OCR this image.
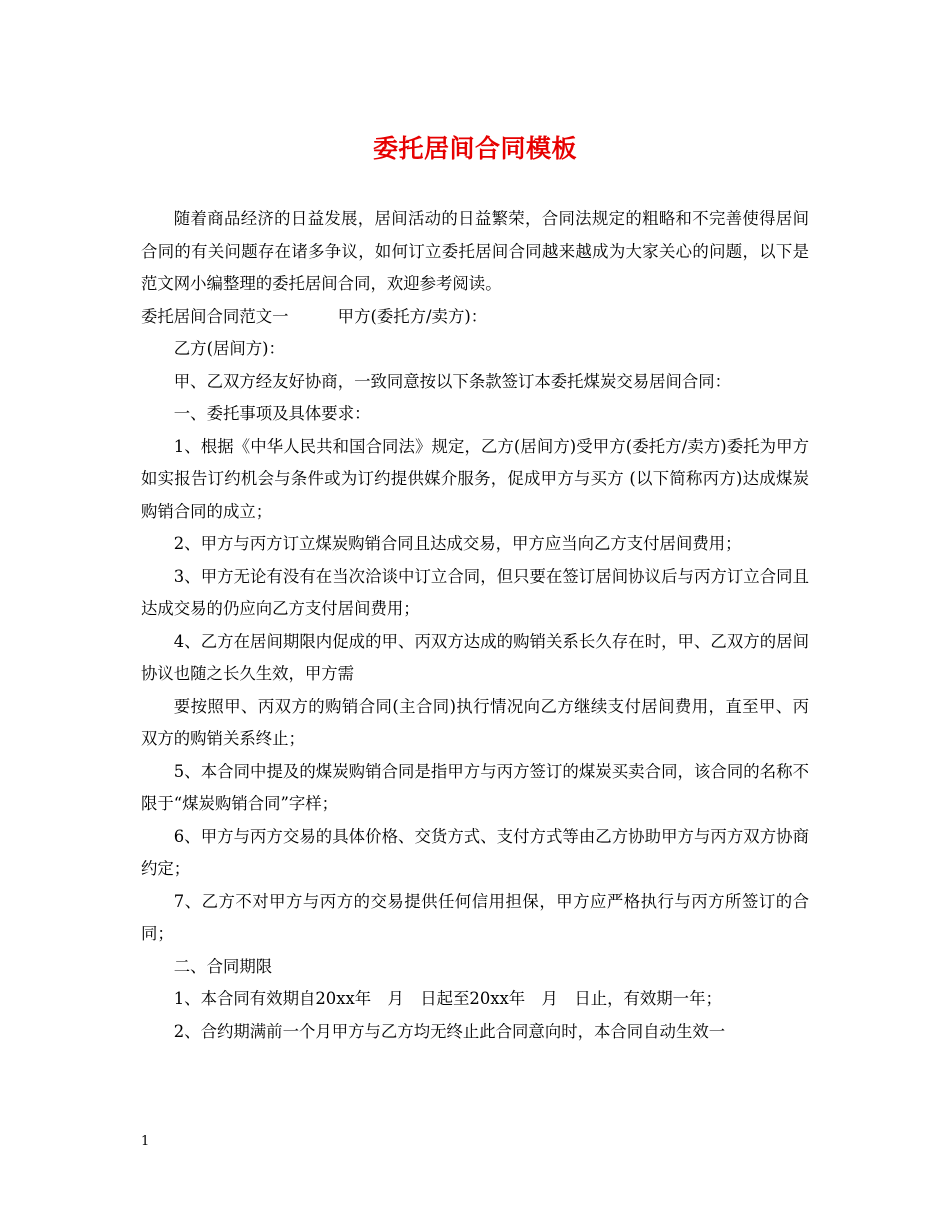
委托居间合同模板

随着商品经济的日益发展，居间活动的日益繁荣，合同法规定的粗略和不完善使得居间合同的有关问题存在诸多争议，如何订立委托居间合同越来越成为大家关心的问题，以下是范文网小编整理的委托居间合同，欢迎参考阅读。

委托居间合同范文一　　　甲方(委托方/卖方)：

乙方(居间方)：

甲、乙双方经友好协商，一致同意按以下条款签订本委托煤炭交易居间合同：

一、委托事项及具体要求：

1、根据《中华人民共和国合同法》规定，乙方(居间方)受甲方(委托方/卖方)委托为甲方如实报告订约机会与条件或为订约提供媒介服务，促成甲方与买方 (以下简称丙方)达成煤炭购销合同的成立；

2、甲方与丙方订立煤炭购销合同且达成交易，甲方应当向乙方支付居间费用；

3、甲方无论有没有在当次洽谈中订立合同，但只要在签订居间协议后与丙方订立合同且达成交易的仍应向乙方支付居间费用；

4、乙方在居间期限内促成的甲、丙双方达成的购销关系长久存在时，甲、乙双方的居间协议也随之长久生效，甲方需

要按照甲、丙双方的购销合同(主合同)执行情况向乙方继续支付居间费用，直至甲、丙双方的购销关系终止；

5、本合同中提及的煤炭购销合同是指甲方与丙方签订的煤炭买卖合同，该合同的名称不限于“煤炭购销合同”字样；

6、甲方与丙方交易的具体价格、交货方式、支付方式等由乙方协助甲方与丙方双方协商约定；

7、乙方不对甲方与丙方的交易提供任何信用担保，甲方应严格执行与丙方所签订的合同；

二、合同期限

1、本合同有效期自20xx年　月　日起至20xx年　月　日止，有效期一年；

2、合约期满前一个月甲方与乙方均无终止此合同意向时，本合同自动生效一

1
